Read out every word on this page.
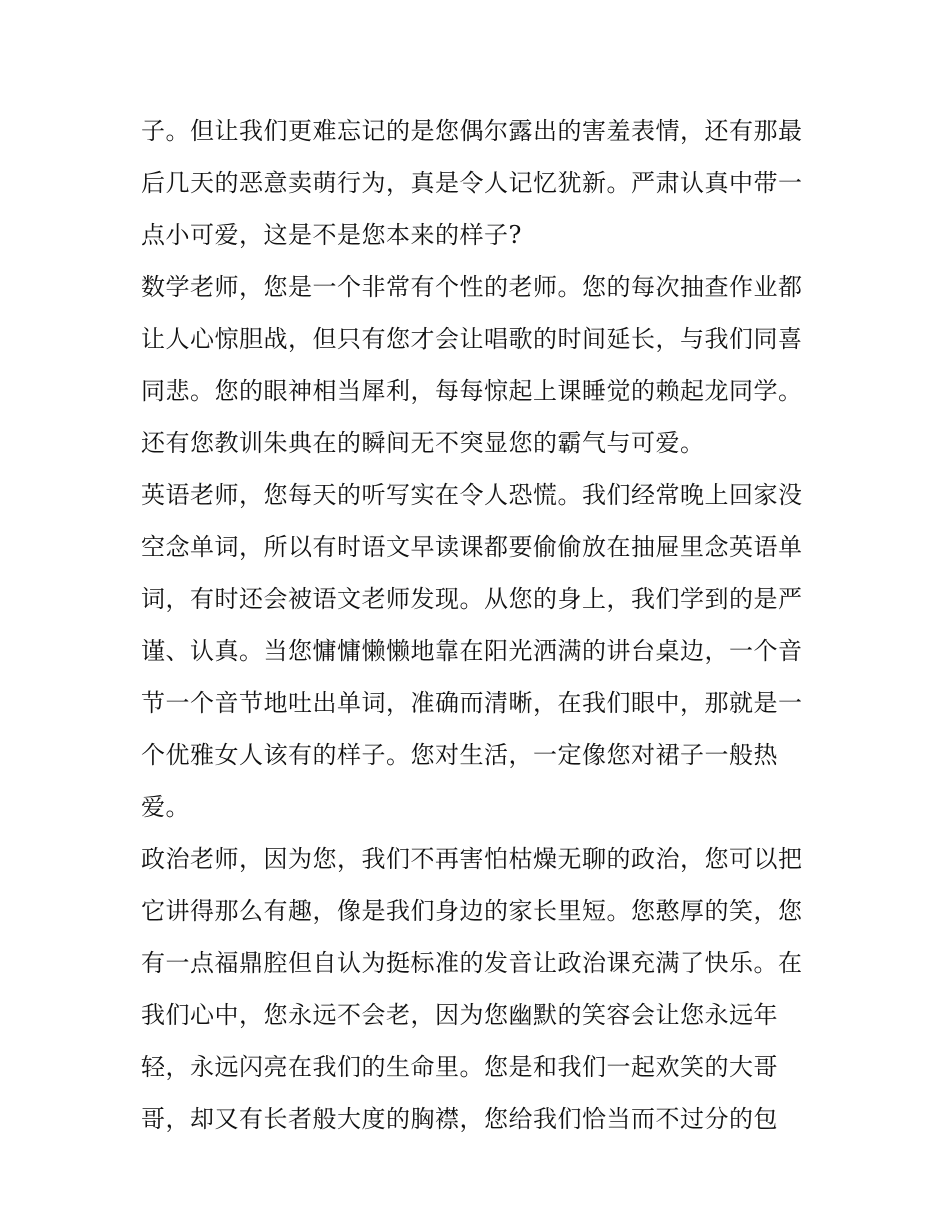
子。但让我们更难忘记的是您偶尔露出的害羞表情，还有那最
后几天的恶意卖萌行为，真是令人记忆犹新。严肃认真中带一
点小可爱，这是不是您本来的样子?
数学老师，您是一个非常有个性的老师。您的每次抽查作业都
让人心惊胆战，但只有您才会让唱歌的时间延长，与我们同喜
同悲。您的眼神相当犀利，每每惊起上课睡觉的赖起龙同学。
还有您教训朱典在的瞬间无不突显您的霸气与可爱。
英语老师，您每天的听写实在令人恐慌。我们经常晚上回家没
空念单词，所以有时语文早读课都要偷偷放在抽屉里念英语单
词，有时还会被语文老师发现。从您的身上，我们学到的是严
谨、认真。当您慵慵懒懒地靠在阳光洒满的讲台桌边，一个音
节一个音节地吐出单词，准确而清晰，在我们眼中，那就是一
个优雅女人该有的样子。您对生活，一定像您对裙子一般热
爱。
政治老师，因为您，我们不再害怕枯燥无聊的政治，您可以把
它讲得那么有趣，像是我们身边的家长里短。您憨厚的笑，您
有一点福鼎腔但自认为挺标准的发音让政治课充满了快乐。在
我们心中，您永远不会老，因为您幽默的笑容会让您永远年
轻，永远闪亮在我们的生命里。您是和我们一起欢笑的大哥
哥，却又有长者般大度的胸襟，您给我们恰当而不过分的包
